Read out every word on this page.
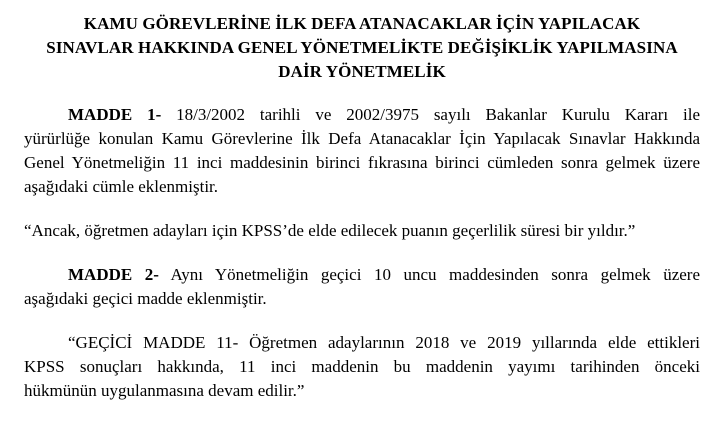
KAMU GÖREVLERİNE İLK DEFA ATANACAKLAR İÇİN YAPILACAK
SINAVLAR HAKKINDA GENEL YÖNETMELİKTE DEĞİŞİKLİK YAPILMASINA
DAİR YÖNETMELİK
MADDE 1- 18/3/2002 tarihli ve 2002/3975 sayılı Bakanlar Kurulu Kararı ile
yürürlüğe konulan Kamu Görevlerine İlk Defa Atanacaklar İçin Yapılacak Sınavlar Hakkında
Genel Yönetmeliğin 11 inci maddesinin birinci fıkrasına birinci cümleden sonra gelmek üzere
aşağıdaki cümle eklenmiştir.
“Ancak, öğretmen adayları için KPSS’de elde edilecek puanın geçerlilik süresi bir yıldır.”
MADDE 2- Aynı Yönetmeliğin geçici 10 uncu maddesinden sonra gelmek üzere
aşağıdaki geçici madde eklenmiştir.
“GEÇİCİ MADDE 11- Öğretmen adaylarının 2018 ve 2019 yıllarında elde ettikleri
KPSS sonuçları hakkında, 11 inci maddenin bu maddenin yayımı tarihinden önceki
hükmünün uygulanmasına devam edilir.”
